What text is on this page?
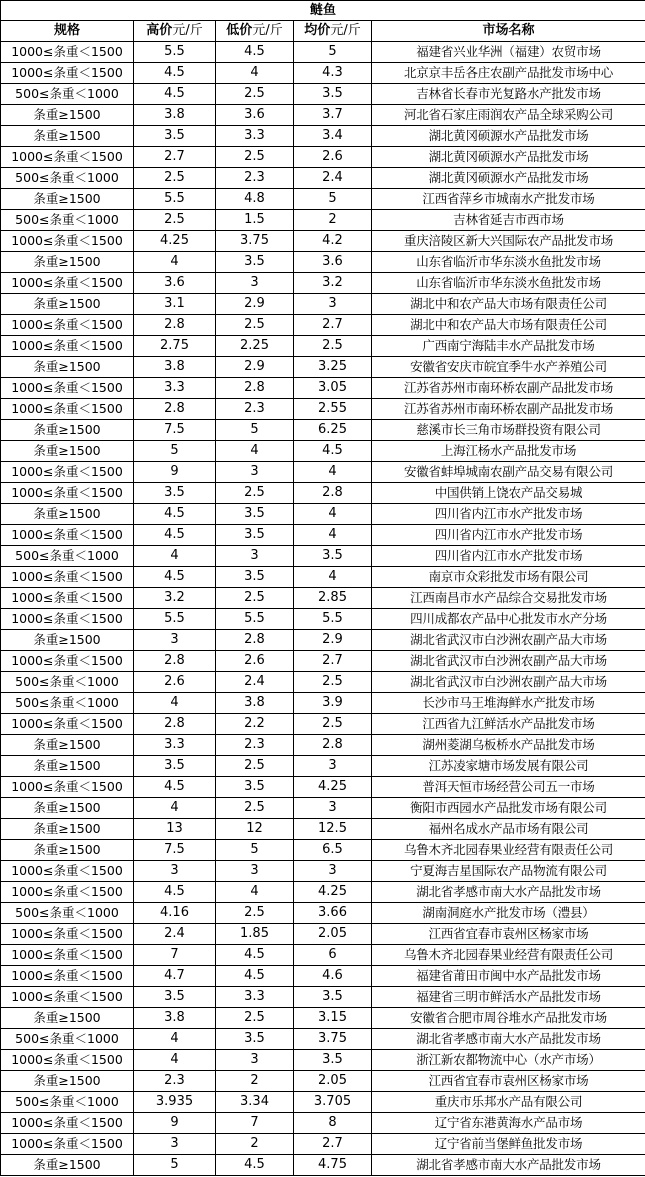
鲢鱼				
规格	高价元/斤	低价元/斤	均价元/斤	市场名称
1000≤条重＜1500	5.5	4.5	5	福建省兴业华洲（福建）农贸市场
1000≤条重＜1500	4.5	4	4.3	北京京丰岳各庄农副产品批发市场中心
500≤条重＜1000	4.5	2.5	3.5	吉林省长春市光复路水产批发市场
条重≥1500	3.8	3.6	3.7	河北省石家庄雨润农产品全球采购公司
条重≥1500	3.5	3.3	3.4	湖北黄冈硕源水产品批发市场
1000≤条重＜1500	2.7	2.5	2.6	湖北黄冈硕源水产品批发市场
500≤条重＜1000	2.5	2.3	2.4	湖北黄冈硕源水产品批发市场
条重≥1500	5.5	4.8	5	江西省萍乡市城南水产批发市场
500≤条重＜1000	2.5	1.5	2	吉林省延吉市西市场
1000≤条重＜1500	4.25	3.75	4.2	重庆涪陵区新大兴国际农产品批发市场
条重≥1500	4	3.5	3.6	山东省临沂市华东淡水鱼批发市场
1000≤条重＜1500	3.6	3	3.2	山东省临沂市华东淡水鱼批发市场
条重≥1500	3.1	2.9	3	湖北中和农产品大市场有限责任公司
1000≤条重＜1500	2.8	2.5	2.7	湖北中和农产品大市场有限责任公司
1000≤条重＜1500	2.75	2.25	2.5	广西南宁海陆丰水产品批发市场
条重≥1500	3.8	2.9	3.25	安徽省安庆市皖宜季牛水产养殖公司
1000≤条重＜1500	3.3	2.8	3.05	江苏省苏州市南环桥农副产品批发市场
1000≤条重＜1500	2.8	2.3	2.55	江苏省苏州市南环桥农副产品批发市场
条重≥1500	7.5	5	6.25	慈溪市长三角市场群投资有限公司
条重≥1500	5	4	4.5	上海江杨水产品批发市场
1000≤条重＜1500	9	3	4	安徽省蚌埠城南农副产品交易有限公司
1000≤条重＜1500	3.5	2.5	2.8	中国供销上饶农产品交易城
条重≥1500	4.5	3.5	4	四川省内江市水产批发市场
1000≤条重＜1500	4.5	3.5	4	四川省内江市水产批发市场
500≤条重＜1000	4	3	3.5	四川省内江市水产批发市场
1000≤条重＜1500	4.5	3.5	4	南京市众彩批发市场有限公司
1000≤条重＜1500	3.2	2.5	2.85	江西南昌市水产品综合交易批发市场
1000≤条重＜1500	5.5	5.5	5.5	四川成都农产品中心批发市水产分场
条重≥1500	3	2.8	2.9	湖北省武汉市白沙洲农副产品大市场
1000≤条重＜1500	2.8	2.6	2.7	湖北省武汉市白沙洲农副产品大市场
500≤条重＜1000	2.6	2.4	2.5	湖北省武汉市白沙洲农副产品大市场
500≤条重＜1000	4	3.8	3.9	长沙市马王堆海鲜水产批发市场
1000≤条重＜1500	2.8	2.2	2.5	江西省九江鲜活水产品批发市场
条重≥1500	3.3	2.3	2.8	湖州菱湖乌板桥水产品批发市场
条重≥1500	3.5	2.5	3	江苏凌家塘市场发展有限公司
1000≤条重＜1500	4.5	3.5	4.25	普洱天恒市场经营公司五一市场
条重≥1500	4	2.5	3	衡阳市西园水产品批发市场有限公司
条重≥1500	13	12	12.5	福州名成水产品市场有限公司
条重≥1500	7.5	5	6.5	乌鲁木齐北园春果业经营有限责任公司
1000≤条重＜1500	3	3	3	宁夏海吉星国际农产品物流有限公司
1000≤条重＜1500	4.5	4	4.25	湖北省孝感市南大水产品批发市场
500≤条重＜1000	4.16	2.5	3.66	湖南洞庭水产批发市场（澧县）
1000≤条重＜1500	2.4	1.85	2.05	江西省宜春市袁州区杨家市场
1000≤条重＜1500	7	4.5	6	乌鲁木齐北园春果业经营有限责任公司
1000≤条重＜1500	4.7	4.5	4.6	福建省莆田市闽中水产品批发市场
1000≤条重＜1500	3.5	3.3	3.5	福建省三明市鲜活水产品批发市场
条重≥1500	3.8	2.5	3.15	安徽省合肥市周谷堆水产品批发市场
500≤条重＜1000	4	3.5	3.75	湖北省孝感市南大水产品批发市场
1000≤条重＜1500	4	3	3.5	浙江新农都物流中心（水产市场）
条重≥1500	2.3	2	2.05	江西省宜春市袁州区杨家市场
500≤条重＜1000	3.935	3.34	3.705	重庆市乐邦水产品有限公司
1000≤条重＜1500	9	7	8	辽宁省东港黄海水产品市场
1000≤条重＜1500	3	2	2.7	辽宁省前当堡鲜鱼批发市场
条重≥1500	5	4.5	4.75	湖北省孝感市南大水产品批发市场
